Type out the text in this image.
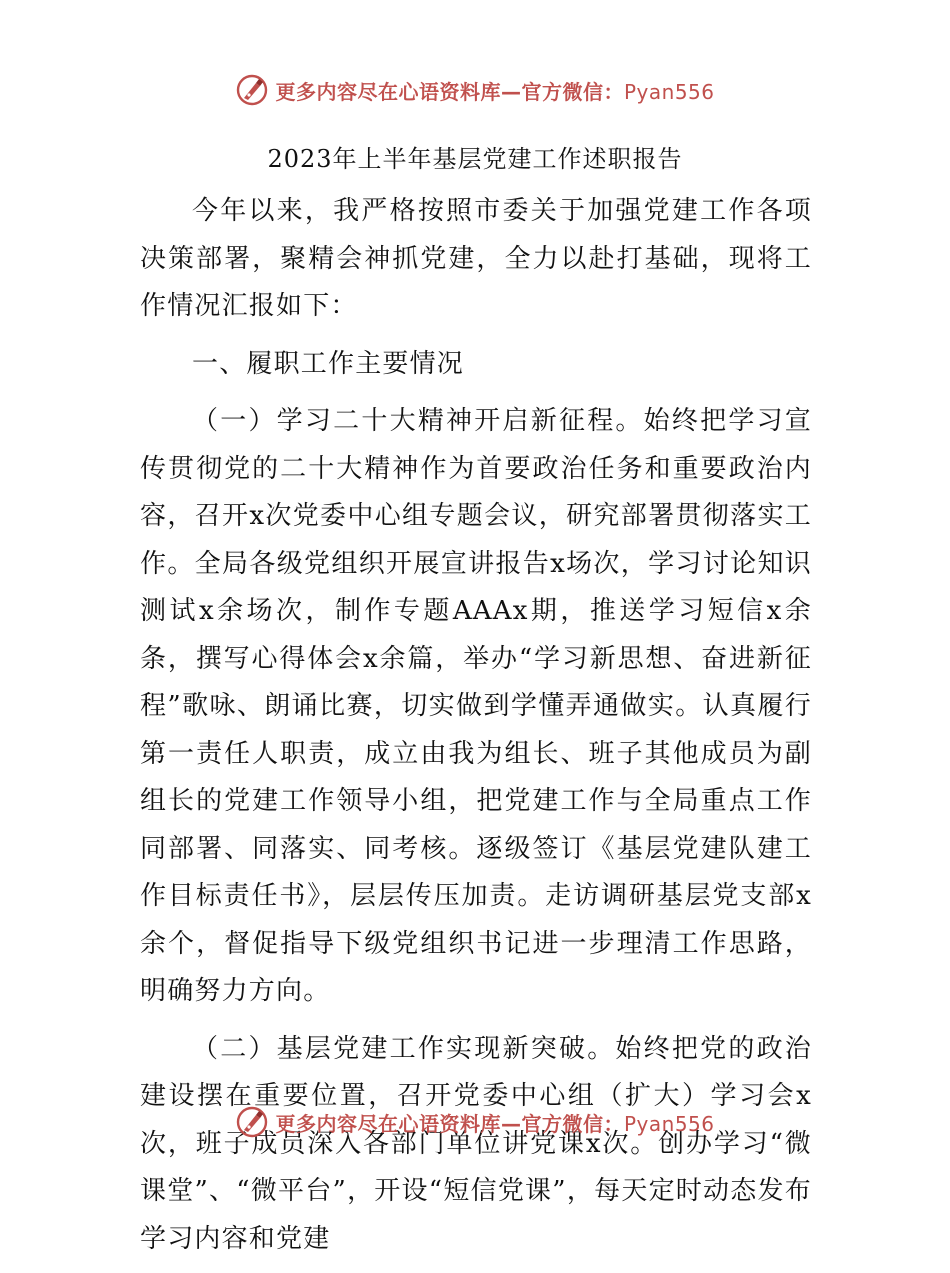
更多内容尽在心语资料库—官方微信：Pyan556
2023年上半年基层党建工作述职报告

今年以来，我严格按照市委关于加强党建工作各项决策部署，聚精会神抓党建，全力以赴打基础，现将工作情况汇报如下：

一、履职工作主要情况

（一）学习二十大精神开启新征程。始终把学习宣传贯彻党的二十大精神作为首要政治任务和重要政治内容，召开x次党委中心组专题会议，研究部署贯彻落实工作。全局各级党组织开展宣讲报告x场次，学习讨论知识测试x余场次，制作专题AAAx期，推送学习短信x余条，撰写心得体会x余篇，举办“学习新思想、奋进新征程”歌咏、朗诵比赛，切实做到学懂弄通做实。认真履行第一责任人职责，成立由我为组长、班子其他成员为副组长的党建工作领导小组，把党建工作与全局重点工作同部署、同落实、同考核。逐级签订《基层党建队建工作目标责任书》，层层传压加责。走访调研基层党支部x余个，督促指导下级党组织书记进一步理清工作思路，明确努力方向。

（二）基层党建工作实现新突破。始终把党的政治建设摆在重要位置，召开党委中心组（扩大）学习会x次，班子成员深入各部门单位讲党课x次。创办学习“微课堂”、“微平台”，开设“短信党课”，每天定时动态发布学习内容和党建

更多内容尽在心语资料库—官方微信：Pyan556
